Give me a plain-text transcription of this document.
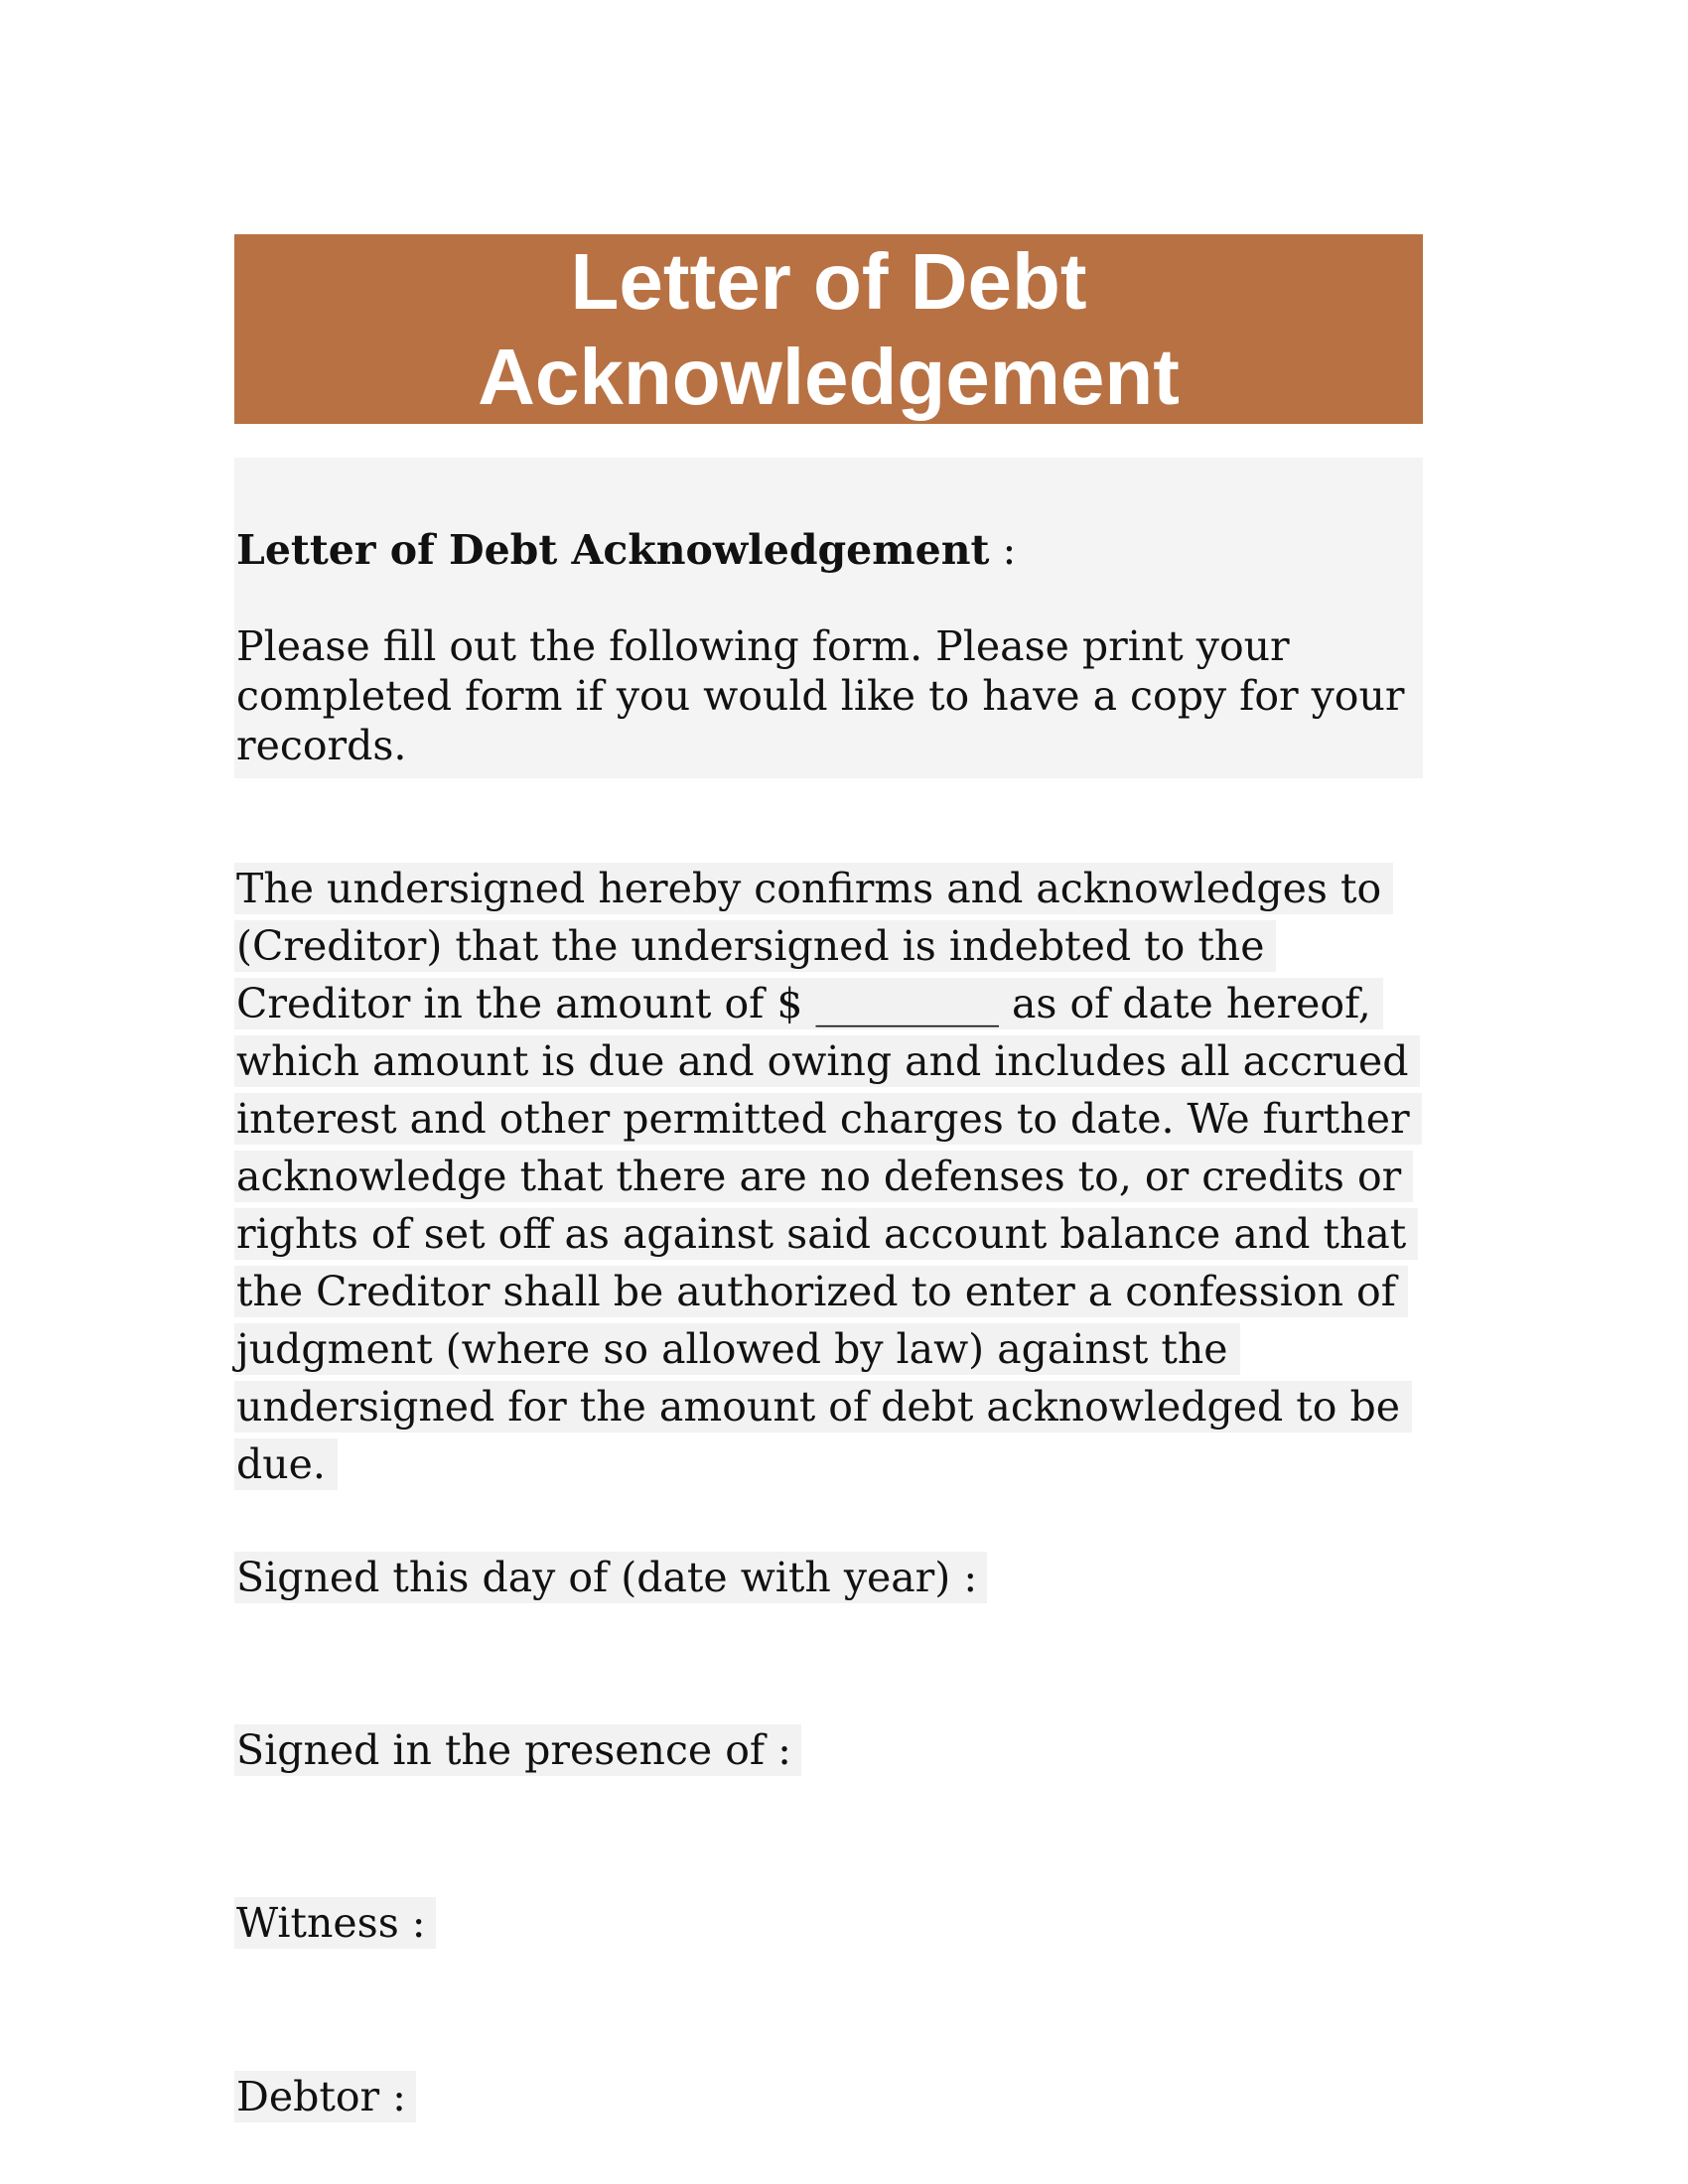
Letter of Debt Acknowledgement

Letter of Debt Acknowledgement :

Please fill out the following form. Please print your completed form if you would like to have a copy for your records.

The undersigned hereby confirms and acknowledges to (Creditor) that the undersigned is indebted to the Creditor in the amount of $ _________ as of date hereof, which amount is due and owing and includes all accrued interest and other permitted charges to date. We further acknowledge that there are no defenses to, or credits or rights of set off as against said account balance and that the Creditor shall be authorized to enter a confession of judgment (where so allowed by law) against the undersigned for the amount of debt acknowledged to be due.

Signed this day of (date with year) :

Signed in the presence of :

Witness :

Debtor :
